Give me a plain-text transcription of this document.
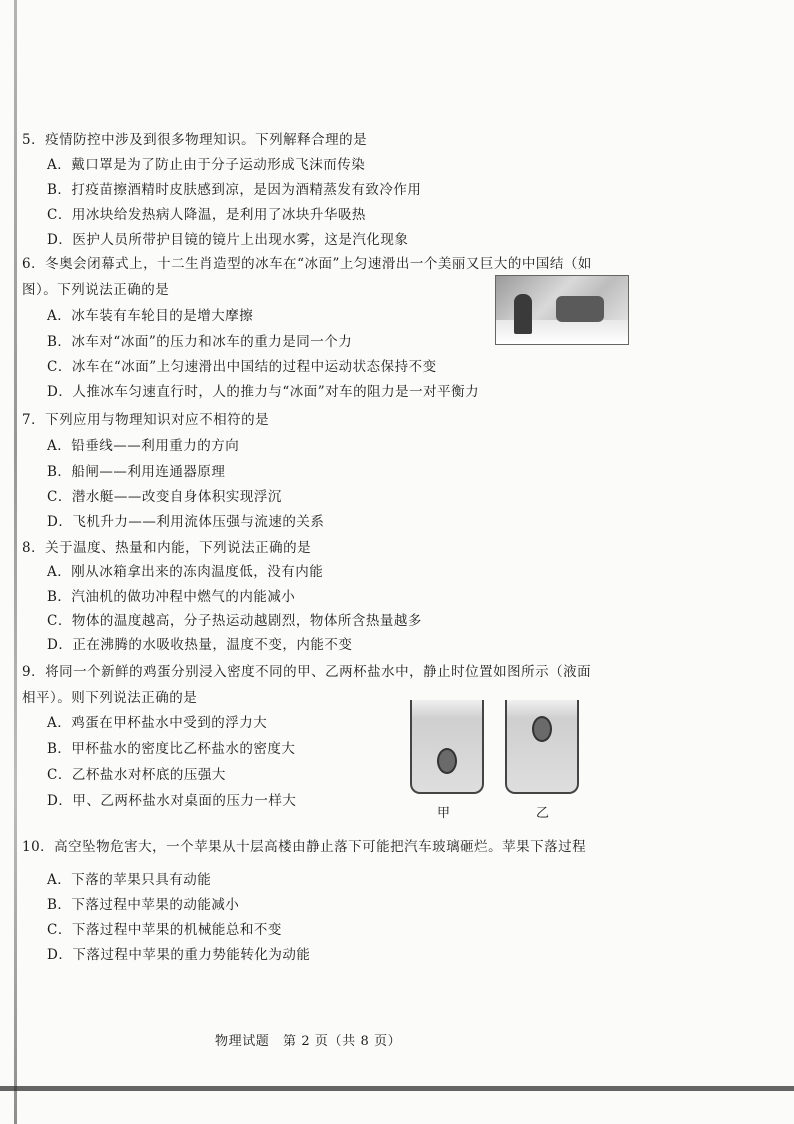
5．疫情防控中涉及到很多物理知识。下列解释合理的是
A．戴口罩是为了防止由于分子运动形成飞沫而传染
B．打疫苗擦酒精时皮肤感到凉，是因为酒精蒸发有致冷作用
C．用冰块给发热病人降温，是利用了冰块升华吸热
D．医护人员所带护目镜的镜片上出现水雾，这是汽化现象
6．冬奥会闭幕式上，十二生肖造型的冰车在“冰面”上匀速滑出一个美丽又巨大的中国结（如
图）。下列说法正确的是
A．冰车装有车轮目的是增大摩擦
B．冰车对“冰面”的压力和冰车的重力是同一个力
C．冰车在“冰面”上匀速滑出中国结的过程中运动状态保持不变
D．人推冰车匀速直行时，人的推力与“冰面”对车的阻力是一对平衡力
7．下列应用与物理知识对应不相符的是
A．铅垂线——利用重力的方向
B．船闸——利用连通器原理
C．潜水艇——改变自身体积实现浮沉
D．飞机升力——利用流体压强与流速的关系
8．关于温度、热量和内能，下列说法正确的是
A．刚从冰箱拿出来的冻肉温度低，没有内能
B．汽油机的做功冲程中燃气的内能减小
C．物体的温度越高，分子热运动越剧烈，物体所含热量越多
D．正在沸腾的水吸收热量，温度不变，内能不变
9．将同一个新鲜的鸡蛋分别浸入密度不同的甲、乙两杯盐水中，静止时位置如图所示（液面
相平）。则下列说法正确的是
A．鸡蛋在甲杯盐水中受到的浮力大
B．甲杯盐水的密度比乙杯盐水的密度大
C．乙杯盐水对杯底的压强大
D．甲、乙两杯盐水对桌面的压力一样大
甲	乙
10．高空坠物危害大，一个苹果从十层高楼由静止落下可能把汽车玻璃砸烂。苹果下落过程
A．下落的苹果只具有动能
B．下落过程中苹果的动能减小
C．下落过程中苹果的机械能总和不变
D．下落过程中苹果的重力势能转化为动能
物理试题　第 2 页（共 8 页）
